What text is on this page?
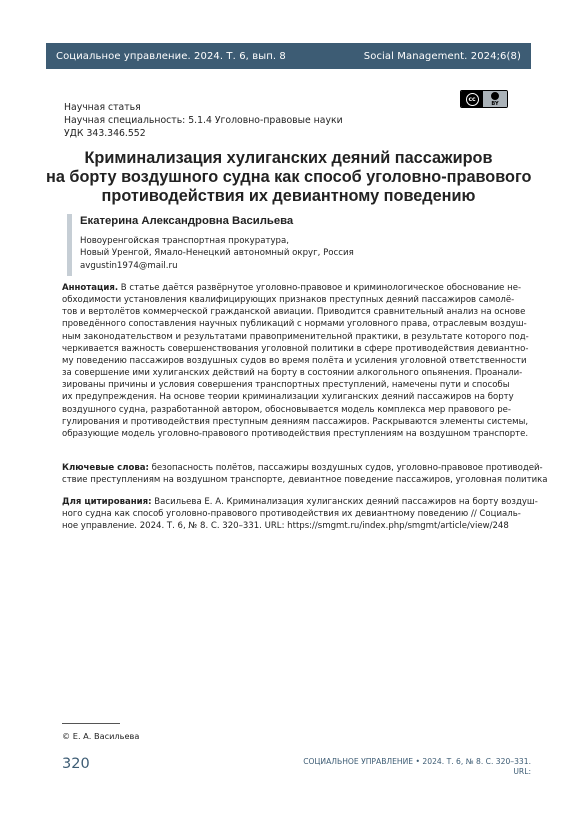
Социальное управление. 2024. Т. 6, вып. 8	Social Management. 2024;6(8)
Научная статья
Научная специальность: 5.1.4 Уголовно-правовые науки
УДК 343.346.552
cc
BY
Криминализация хулиганских деяний пассажиров
на борту воздушного судна как способ уголовно-правового
противодействия их девиантному поведению
Екатерина Александровна Васильева
Новоуренгойская транспортная прокуратура,
Новый Уренгой, Ямало-Ненецкий автономный округ, Россия
avgustin1974@mail.ru
Аннотация. В статье даётся развёрнутое уголовно-правовое и криминологическое обоснование не-
обходимости установления квалифицирующих признаков преступных деяний пассажиров самолё-
тов и вертолётов коммерческой гражданской авиации. Приводится сравнительный анализ на основе
проведённого сопоставления научных публикаций с нормами уголовного права, отраслевым воздуш-
ным законодательством и результатами правоприменительной практики, в результате которого под-
черкивается важность совершенствования уголовной политики в сфере противодействия девиантно-
му поведению пассажиров воздушных судов во время полёта и усиления уголовной ответственности
за совершение ими хулиганских действий на борту в состоянии алкогольного опьянения. Проанали-
зированы причины и условия совершения транспортных преступлений, намечены пути и способы
их предупреждения. На основе теории криминализации хулиганских деяний пассажиров на борту
воздушного судна, разработанной автором, обосновывается модель комплекса мер правового ре-
гулирования и противодействия преступным деяниям пассажиров. Раскрываются элементы системы,
образующие модель уголовно-правового противодействия преступлениям на воздушном транспорте.
Ключевые слова: безопасность полётов, пассажиры воздушных судов, уголовно-правовое противодей-
ствие преступлениям на воздушном транспорте, девиантное поведение пассажиров, уголовная политика
Для цитирования: Васильева Е. А. Криминализация хулиганских деяний пассажиров на борту воздуш-
ного судна как способ уголовно-правового противодействия их девиантному поведению // Социаль-
ное управление. 2024. Т. 6, № 8. С. 320–331. URL: https://smgmt.ru/index.php/smgmt/article/view/248
© Е. А. Васильева
320	СОЦИАЛЬНОЕ УПРАВЛЕНИЕ • 2024. Т. 6, № 8. С. 320–331.
URL:
